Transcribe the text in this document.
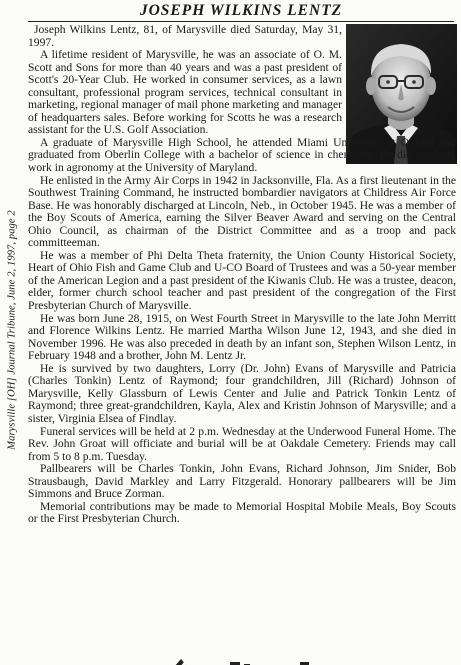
Marysville [OH] Journal Tribune, June 2, 1997, page 2
JOSEPH WILKINS LENTZ

Joseph Wilkins Lentz, 81, of Marysville died Saturday, May 31, 1997.

A lifetime resident of Marysville, he was an associate of O. M. Scott and Sons for more than 40 years and was a past president of Scott's 20-Year Club. He worked in consumer services, as a lawn consultant, professional program services, technical consultant in marketing, regional manager of mail phone marketing and manager of headquarters sales. Before working for Scotts he was a research assistant for the U.S. Golf Association.

A graduate of Marysville High School, he attended Miami University at Oxford and graduated from Oberlin College with a bachelor of science in chemistry. He did graduate work in agronomy at the University of Maryland.

He enlisted in the Army Air Corps in 1942 in Jacksonville, Fla. As a first lieutenant in the Southwest Training Command, he instructed bombardier navigators at Childress Air Force Base. He was honorably discharged at Lincoln, Neb., in October 1945. He was a member of the Boy Scouts of America, earning the Silver Beaver Award and serving on the Central Ohio Council, as chairman of the District Committee and as a troop and pack committeeman.

He was a member of Phi Delta Theta fraternity, the Union County Historical Society, Heart of Ohio Fish and Game Club and U-CO Board of Trustees and was a 50-year member of the American Legion and a past president of the Kiwanis Club. He was a trustee, deacon, elder, former church school teacher and past president of the congregation of the First Presbyterian Church of Marysville.

He was born June 28, 1915, on West Fourth Street in Marysville to the late John Merritt and Florence Wilkins Lentz. He married Martha Wilson June 12, 1943, and she died in November 1996. He was also preceded in death by an infant son, Stephen Wilson Lentz, in February 1948 and a brother, John M. Lentz Jr.

He is survived by two daughters, Lorry (Dr. John) Evans of Marysville and Patricia (Charles Tonkin) Lentz of Raymond; four grandchildren, Jill (Richard) Johnson of Marysville, Kelly Glassburn of Lewis Center and Julie and Patrick Tonkin Lentz of Raymond; three great-grandchildren, Kayla, Alex and Kristin Johnson of Marysville; and a sister, Virginia Elsea of Findlay.

Funeral services will be held at 2 p.m. Wednesday at the Underwood Funeral Home. The Rev. John Groat will officiate and burial will be at Oakdale Cemetery. Friends may call from 5 to 8 p.m. Tuesday.

Pallbearers will be Charles Tonkin, John Evans, Richard Johnson, Jim Snider, Bob Strausbaugh, David Markley and Larry Fitzgerald. Honorary pallbearers will be Jim Simmons and Bruce Zorman.

Memorial contributions may be made to Memorial Hospital Mobile Meals, Boy Scouts or the First Presbyterian Church.
